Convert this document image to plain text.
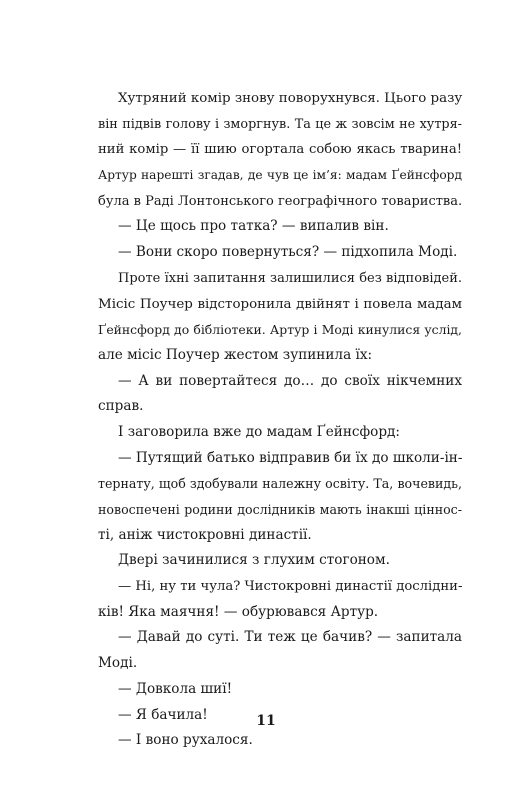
Хутряний комір знову поворухнувся. Цього разу
він підвів голову і зморгнув. Та це ж зовсім не хутря-
ний комір — її шию огортала собою якась тварина!
Артур нарешті згадав, де чув це ім’я: мадам Ґейнсфорд
була в Раді Лонтонського географічного товариства.
— Це щось про татка? — випалив він.
— Вони скоро повернуться? — підхопила Моді.
Проте їхні запитання залишилися без відповідей.
Місіс Поучер відсторонила двійнят і повела мадам
Ґейнсфорд до бібліотеки. Артур і Моді кинулися услід,
але місіс Поучер жестом зупинила їх:
— А ви повертайтеся до… до своїх нікчемних
справ.
І заговорила вже до мадам Ґейнсфорд:
— Путящий батько відправив би їх до школи-ін-
тернату, щоб здобували належну освіту. Та, вочевидь,
новоспечені родини дослідників мають інакші ціннос-
ті, аніж чистокровні династії.
Двері зачинилися з глухим стогоном.
— Ні, ну ти чула? Чистокровні династії дослідни-
ків! Яка маячня! — обурювався Артур.
— Давай до суті. Ти теж це бачив? — запитала
Моді.
— Довкола шиї!
— Я бачила!
— І воно рухалося.
11
